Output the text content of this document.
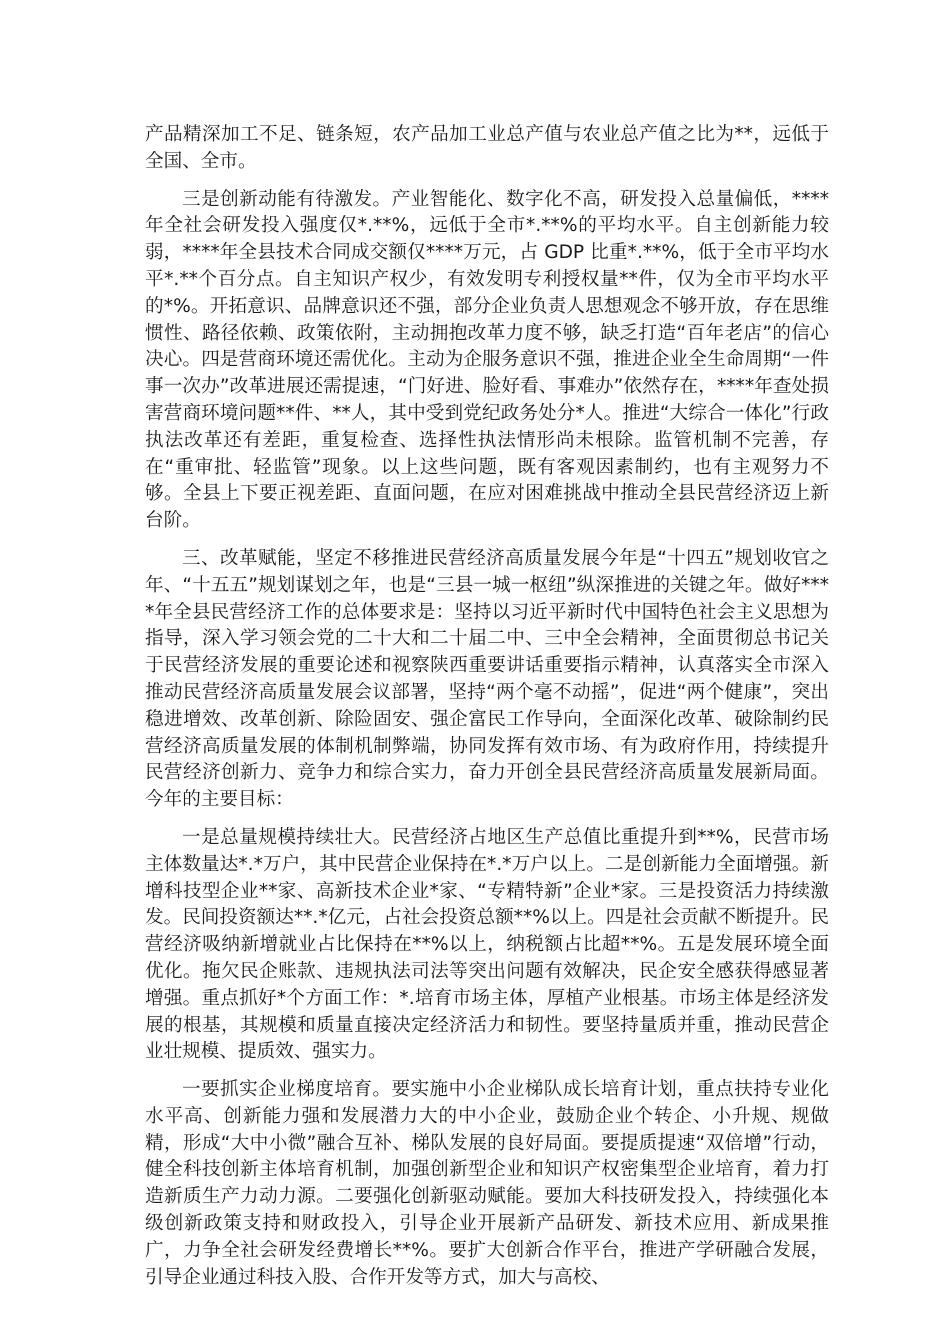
产品精深加工不足、链条短，农产品加工业总产值与农业总产值之比为**，远低于全国、全市。

三是创新动能有待激发。产业智能化、数字化不高，研发投入总量偏低，****年全社会研发投入强度仅*.**%，远低于全市*.**%的平均水平。自主创新能力较弱，****年全县技术合同成交额仅****万元，占 GDP 比重*.**%，低于全市平均水平*.**个百分点。自主知识产权少，有效发明专利授权量**件，仅为全市平均水平的*%。开拓意识、品牌意识还不强，部分企业负责人思想观念不够开放，存在思维惯性、路径依赖、政策依附，主动拥抱改革力度不够，缺乏打造“百年老店”的信心决心。四是营商环境还需优化。主动为企服务意识不强，推进企业全生命周期“一件事一次办”改革进展还需提速，“门好进、脸好看、事难办”依然存在，****年查处损害营商环境问题**件、**人，其中受到党纪政务处分*人。推进“大综合一体化”行政执法改革还有差距，重复检查、选择性执法情形尚未根除。监管机制不完善，存在“重审批、轻监管”现象。以上这些问题，既有客观因素制约，也有主观努力不够。全县上下要正视差距、直面问题，在应对困难挑战中推动全县民营经济迈上新台阶。

三、改革赋能，坚定不移推进民营经济高质量发展今年是“十四五”规划收官之年、“十五五”规划谋划之年，也是“三县一城一枢纽”纵深推进的关键之年。做好****年全县民营经济工作的总体要求是：坚持以习近平新时代中国特色社会主义思想为指导，深入学习领会党的二十大和二十届二中、三中全会精神，全面贯彻总书记关于民营经济发展的重要论述和视察陕西重要讲话重要指示精神，认真落实全市深入推动民营经济高质量发展会议部署，坚持“两个毫不动摇”，促进“两个健康”，突出稳进增效、改革创新、除险固安、强企富民工作导向，全面深化改革、破除制约民营经济高质量发展的体制机制弊端，协同发挥有效市场、有为政府作用，持续提升民营经济创新力、竞争力和综合实力，奋力开创全县民营经济高质量发展新局面。今年的主要目标：

一是总量规模持续壮大。民营经济占地区生产总值比重提升到**%，民营市场主体数量达*.*万户，其中民营企业保持在*.*万户以上。二是创新能力全面增强。新增科技型企业**家、高新技术企业*家、“专精特新”企业*家。三是投资活力持续激发。民间投资额达**.*亿元，占社会投资总额**%以上。四是社会贡献不断提升。民营经济吸纳新增就业占比保持在**%以上，纳税额占比超**%。五是发展环境全面优化。拖欠民企账款、违规执法司法等突出问题有效解决，民企安全感获得感显著增强。重点抓好*个方面工作：*.培育市场主体，厚植产业根基。市场主体是经济发展的根基，其规模和质量直接决定经济活力和韧性。要坚持量质并重，推动民营企业壮规模、提质效、强实力。

一要抓实企业梯度培育。要实施中小企业梯队成长培育计划，重点扶持专业化水平高、创新能力强和发展潜力大的中小企业，鼓励企业个转企、小升规、规做精，形成“大中小微”融合互补、梯队发展的良好局面。要提质提速“双倍增”行动，健全科技创新主体培育机制，加强创新型企业和知识产权密集型企业培育，着力打造新质生产力动力源。二要强化创新驱动赋能。要加大科技研发投入，持续强化本级创新政策支持和财政投入，引导企业开展新产品研发、新技术应用、新成果推广，力争全社会研发经费增长**%。要扩大创新合作平台，推进产学研融合发展，引导企业通过科技入股、合作开发等方式，加大与高校、
